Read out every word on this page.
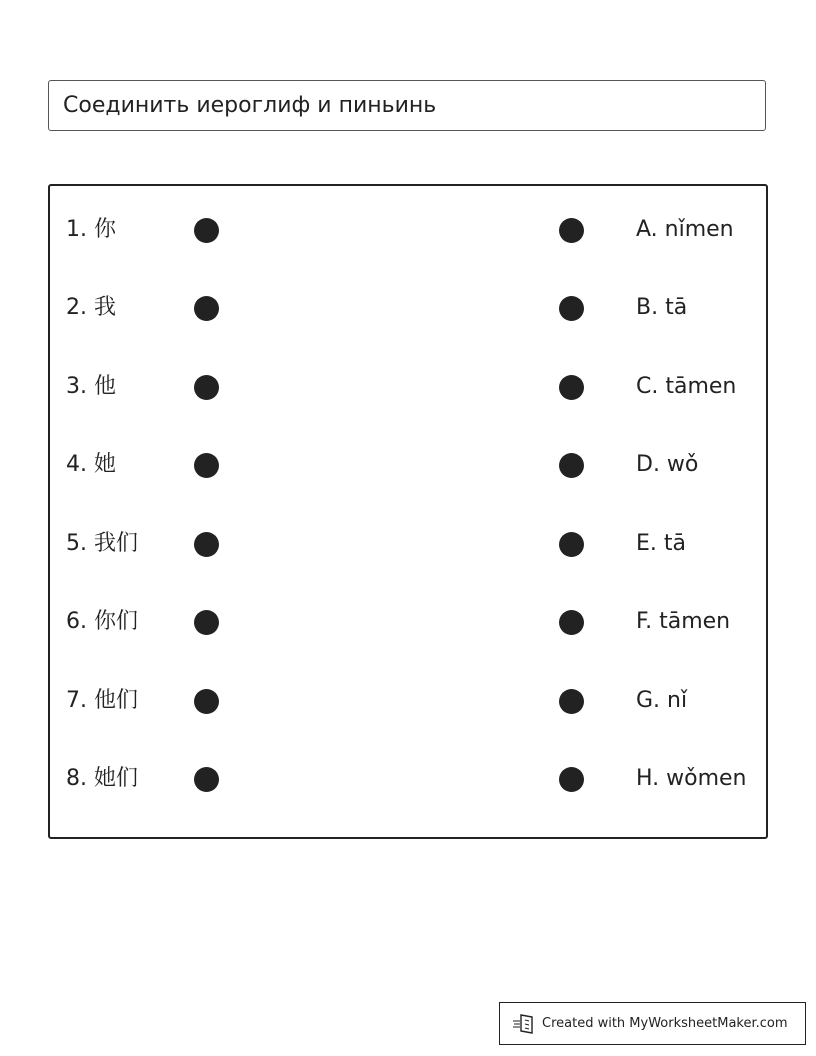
Соединить иероглиф и пиньинь
1. 你	A. nǐmen
2. 我	B. tā
3. 他	C. tāmen
4. 她	D. wǒ
5. 我们	E. tā
6. 你们	F. tāmen
7. 他们	G. nǐ
8. 她们	H. wǒmen
Created with MyWorksheetMaker.com
